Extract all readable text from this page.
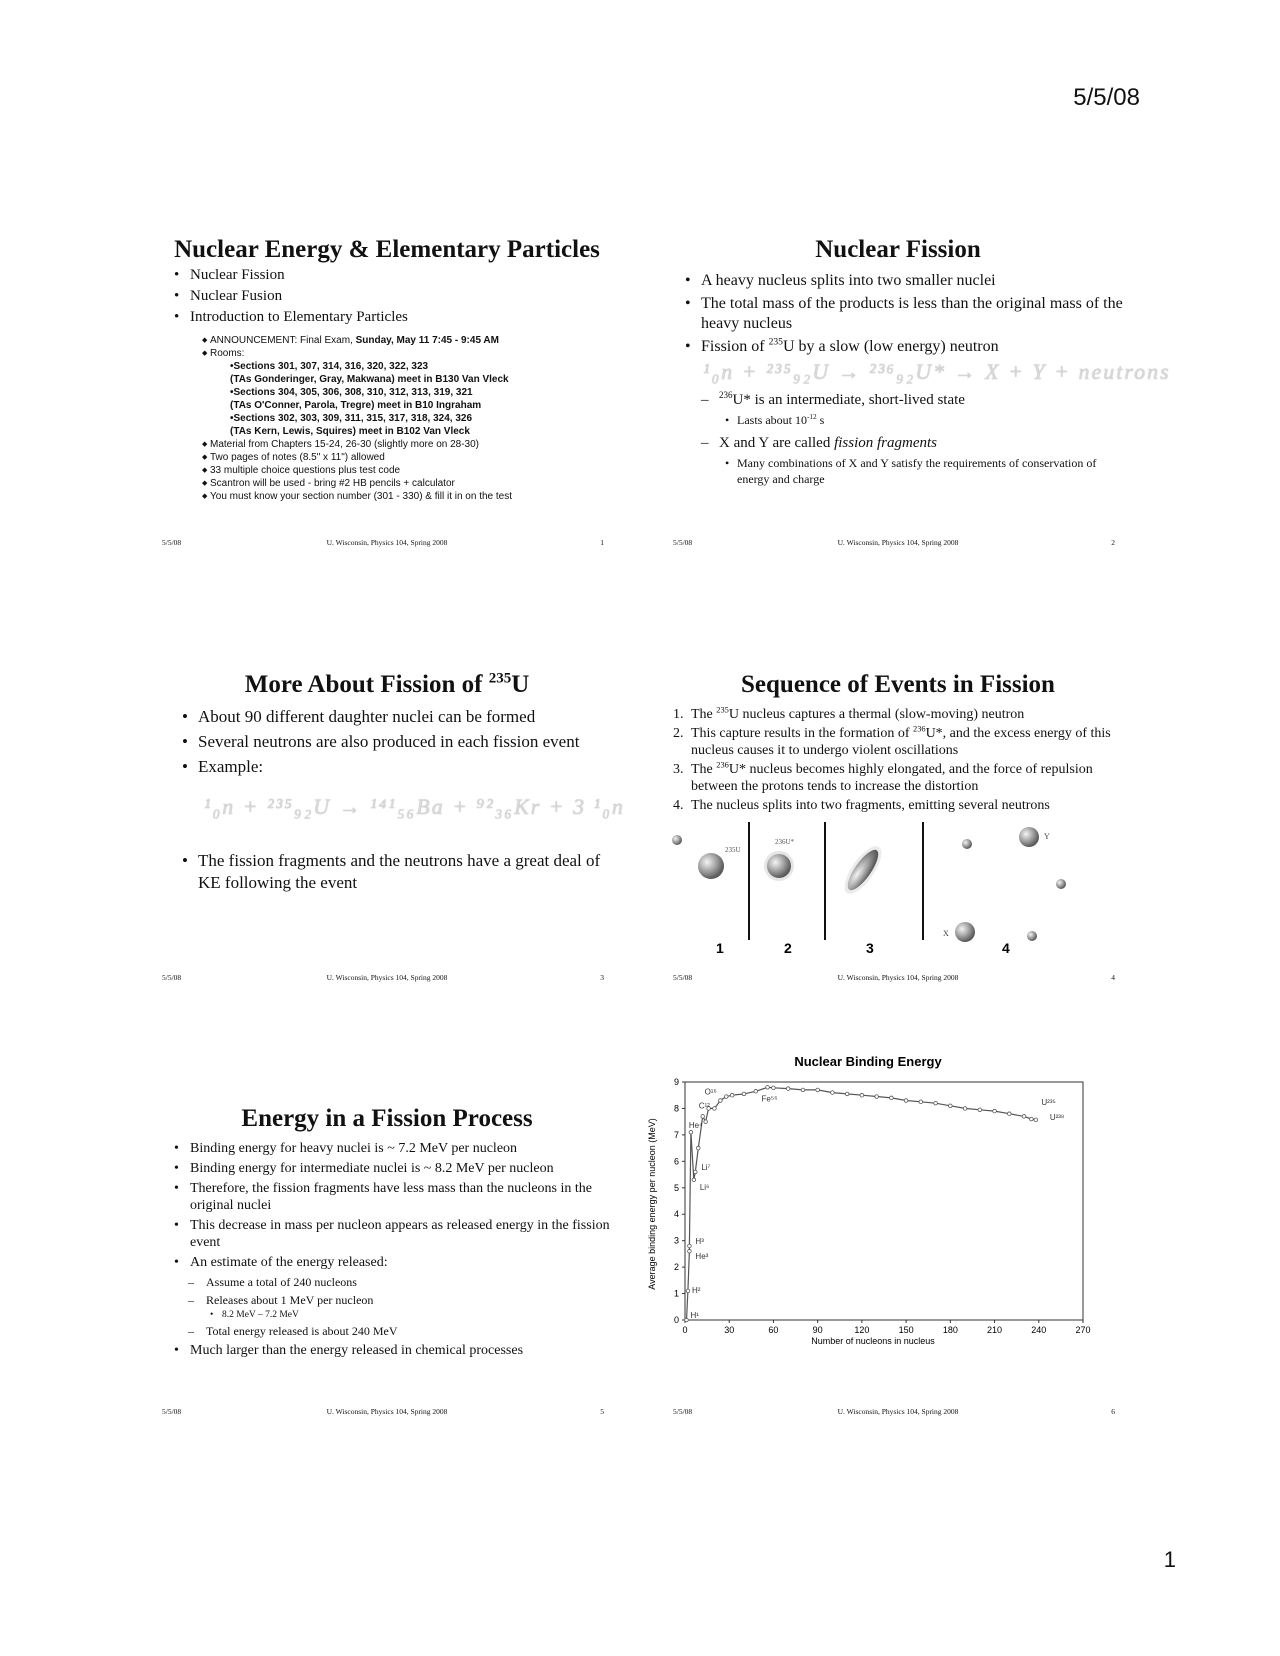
5/5/08
Nuclear Energy & Elementary Particles
• Nuclear Fission
• Nuclear Fusion
• Introduction to Elementary Particles
◆ ANNOUNCEMENT: Final Exam, Sunday, May 11 7:45 - 9:45 AM
◆ Rooms:
•Sections 301, 307, 314, 316, 320, 322, 323
(TAs Gonderinger, Gray, Makwana) meet in B130 Van Vleck
•Sections 304, 305, 306, 308, 310, 312, 313, 319, 321
(TAs O'Conner, Parola, Tregre) meet in B10 Ingraham
•Sections 302, 303, 309, 311, 315, 317, 318, 324, 326
(TAs Kern, Lewis, Squires) meet in B102 Van Vleck
◆ Material from Chapters 15-24, 26-30 (slightly more on 28-30)
◆ Two pages of notes (8.5" x 11") allowed
◆ 33 multiple choice questions plus test code
◆ Scantron will be used - bring #2 HB pencils + calculator
◆ You must know your section number (301 - 330) & fill it in on the test
5/5/08	U. Wisconsin, Physics 104, Spring 2008	1
Nuclear Fission
• A heavy nucleus splits into two smaller nuclei
• The total mass of the products is less than the original mass of the heavy nucleus
• Fission of $^{235}$U by a slow (low energy) neutron
¹₀n + ²³⁵₉₂U → ²³⁶₉₂U* → X + Y + neutrons
– $^{236}$U* is an intermediate, short-lived state
• Lasts about $10^{-12}$ s
– X and Y are called fission fragments
• Many combinations of X and Y satisfy the requirements of conservation of energy and charge
5/5/08	U. Wisconsin, Physics 104, Spring 2008	2
More About Fission of $^{235}$U
• About 90 different daughter nuclei can be formed
• Several neutrons are also produced in each fission event
• Example:
¹₀n + ²³⁵₉₂U → ¹⁴¹₅₆Ba + ⁹²₃₆Kr + 3 ¹₀n
• The fission fragments and the neutrons have a great deal of KE following the event
5/5/08	U. Wisconsin, Physics 104, Spring 2008	3
Sequence of Events in Fission
1. The $^{235}$U nucleus captures a thermal (slow-moving) neutron
2. This capture results in the formation of $^{236}$U*, and the excess energy of this nucleus causes it to undergo violent oscillations
3. The $^{236}$U* nucleus becomes highly elongated, and the force of repulsion between the protons tends to increase the distortion
4. The nucleus splits into two fragments, emitting several neutrons
235U
236U*
Y
X
1	2	3	4
5/5/08	U. Wisconsin, Physics 104, Spring 2008	4
Energy in a Fission Process
• Binding energy for heavy nuclei is ~ 7.2 MeV per nucleon
• Binding energy for intermediate nuclei is ~ 8.2 MeV per nucleon
• Therefore, the fission fragments have less mass than the nucleons in the original nuclei
• This decrease in mass per nucleon appears as released energy in the fission event
• An estimate of the energy released:
– Assume a total of 240 nucleons
– Releases about 1 MeV per nucleon
• 8.2 MeV – 7.2 MeV
– Total energy released is about 240 MeV
• Much larger than the energy released in chemical processes
5/5/08	U. Wisconsin, Physics 104, Spring 2008	5
Nuclear Binding Energy
0	30	60	90	120	150	180	210	240	270
0
1
2
3
4
5
6
7
8
9
H¹
H²
H³
He³
Li⁷
Li⁶
He⁴
C¹²
O¹⁶
Fe⁵⁶	U²³⁵
U²³⁸
Number of nucleons in nucleus
Average binding energy per nucleon (MeV)
5/5/08	U. Wisconsin, Physics 104, Spring 2008	6
1
